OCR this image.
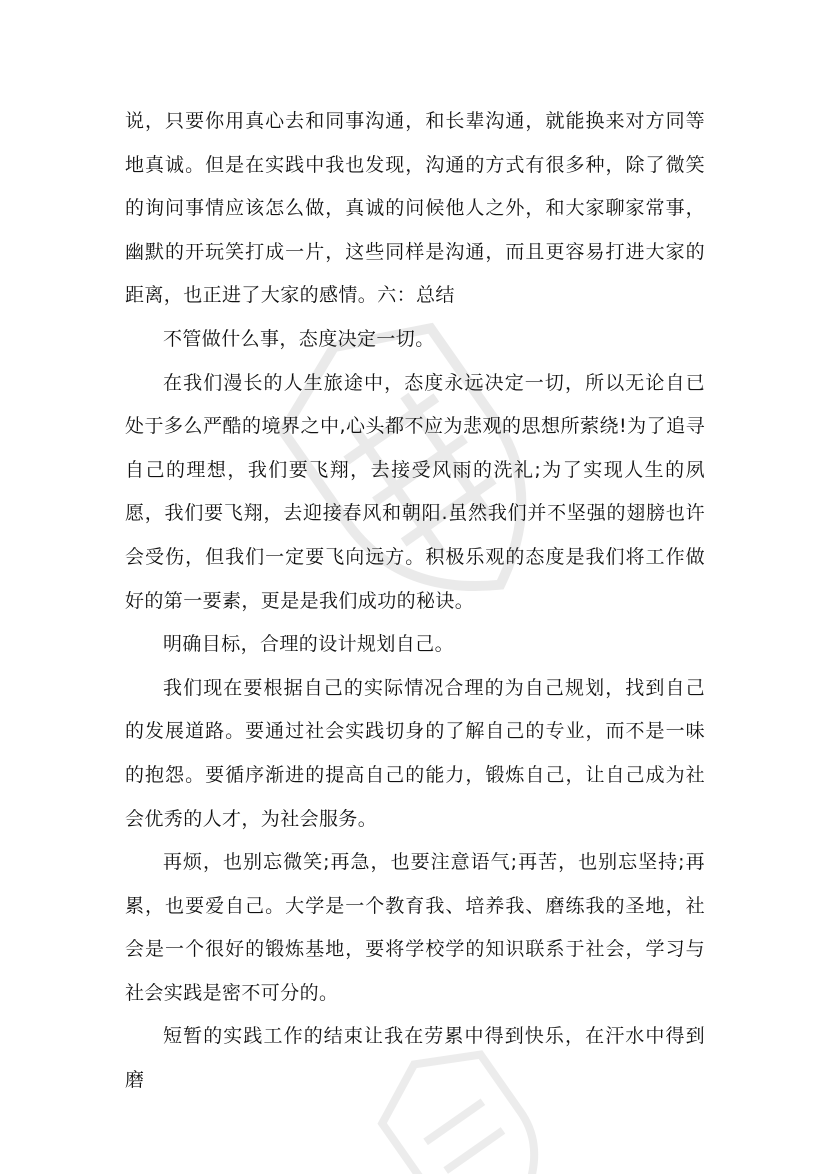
说，只要你用真心去和同事沟通，和长辈沟通，就能换来对方同等地真诚。但是在实践中我也发现，沟通的方式有很多种，除了微笑的询问事情应该怎么做，真诚的问候他人之外，和大家聊家常事，幽默的开玩笑打成一片，这些同样是沟通，而且更容易打进大家的距离，也正进了大家的感情。六：总结

不管做什么事，态度决定一切。

在我们漫长的人生旅途中，态度永远决定一切，所以无论自已处于多么严酷的境界之中,心头都不应为悲观的思想所萦绕!为了追寻自己的理想，我们要飞翔，去接受风雨的洗礼;为了实现人生的夙愿，我们要飞翔，去迎接春风和朝阳.虽然我们并不坚强的翅膀也许会受伤，但我们一定要飞向远方。积极乐观的态度是我们将工作做好的第一要素，更是是我们成功的秘诀。

明确目标，合理的设计规划自己。

我们现在要根据自己的实际情况合理的为自己规划，找到自己的发展道路。要通过社会实践切身的了解自己的专业，而不是一味的抱怨。要循序渐进的提高自己的能力，锻炼自己，让自己成为社会优秀的人才，为社会服务。

再烦，也别忘微笑;再急，也要注意语气;再苦，也别忘坚持;再累，也要爱自己。大学是一个教育我、培养我、磨练我的圣地，社会是一个很好的锻炼基地，要将学校学的知识联系于社会，学习与社会实践是密不可分的。

短暂的实践工作的结束让我在劳累中得到快乐，在汗水中得到磨
